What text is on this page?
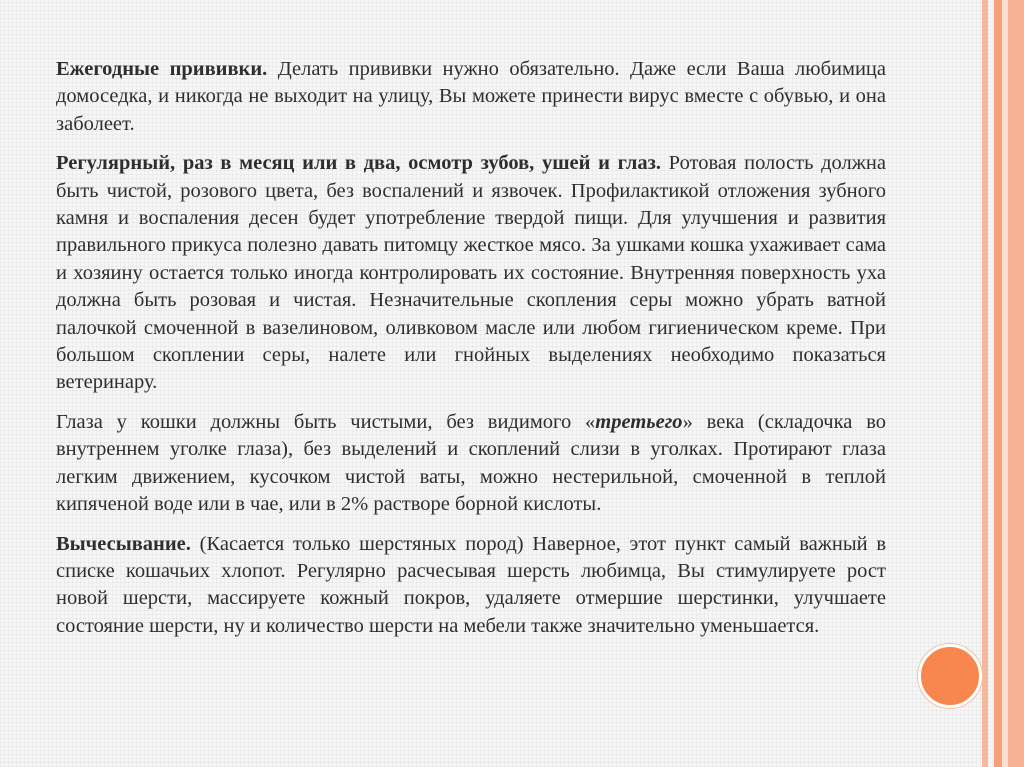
Ежегодные прививки. Делать прививки нужно обязательно. Даже если Ваша любимица домоседка, и никогда не выходит на улицу, Вы можете принести вирус вместе с обувью, и она заболеет.

Регулярный, раз в месяц или в два, осмотр зубов, ушей и глаз. Ротовая полость должна быть чистой, розового цвета, без воспалений и язвочек. Профилактикой отложения зубного камня и воспаления десен будет употребление твердой пищи. Для улучшения и развития правильного прикуса полезно давать питомцу жесткое мясо. За ушками кошка ухаживает сама и хозяину остается только иногда контролировать их состояние. Внутренняя поверхность уха должна быть розовая и чистая. Незначительные скопления серы можно убрать ватной палочкой смоченной в вазелиновом, оливковом масле или любом гигиеническом креме. При большом скоплении серы, налете или гнойных выделениях необходимо показаться ветеринару.

Глаза у кошки должны быть чистыми, без видимого «третьего» века (складочка во внутреннем уголке глаза), без выделений и скоплений слизи в уголках. Протирают глаза легким движением, кусочком чистой ваты, можно нестерильной, смоченной в теплой кипяченой воде или в чае, или в 2% растворе борной кислоты.

Вычесывание. (Касается только шерстяных пород) Наверное, этот пункт самый важный в списке кошачьих хлопот. Регулярно расчесывая шерсть любимца, Вы стимулируете рост новой шерсти, массируете кожный покров, удаляете отмершие шерстинки, улучшаете состояние шерсти, ну и количество шерсти на мебели также значительно уменьшается.
